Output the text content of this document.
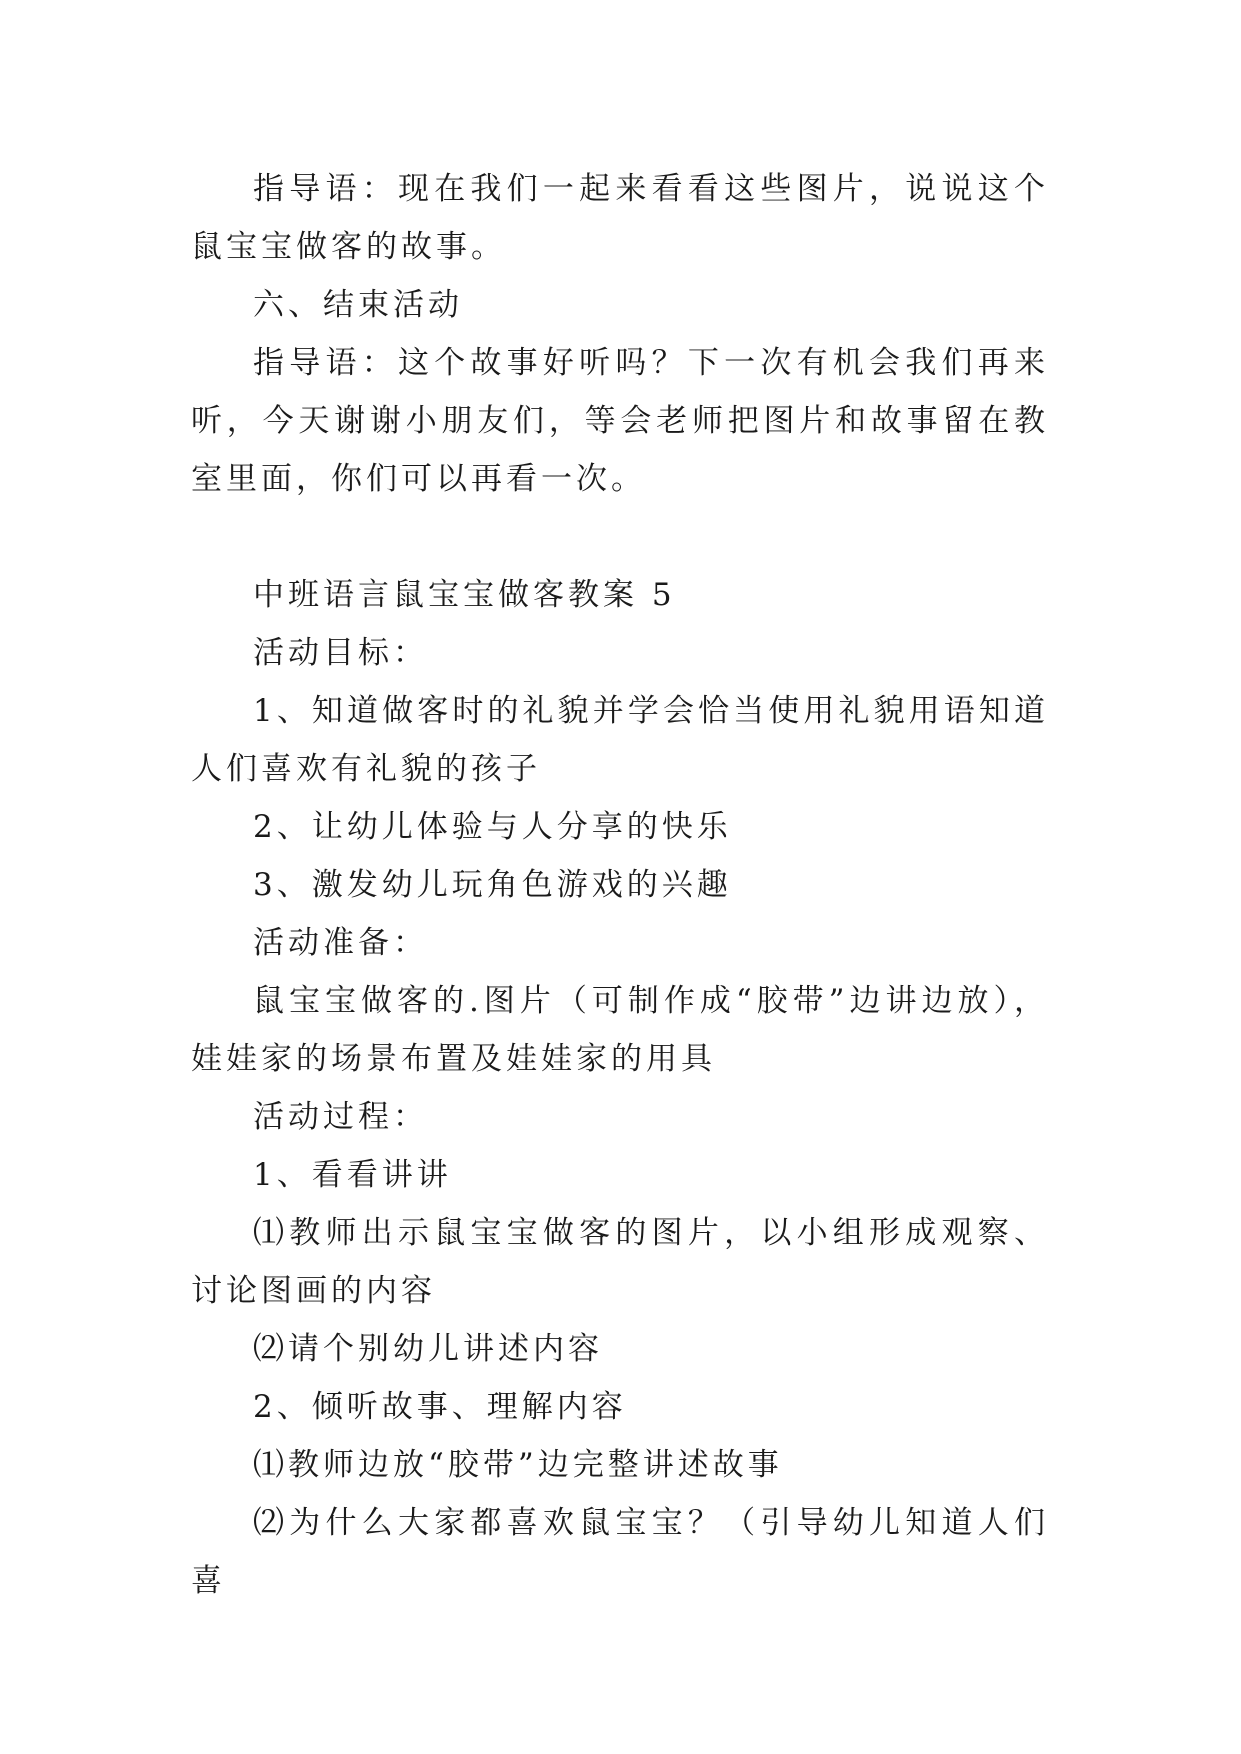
指导语：现在我们一起来看看这些图片，说说这个鼠宝宝做客的故事。

六、结束活动

指导语：这个故事好听吗？下一次有机会我们再来听，今天谢谢小朋友们，等会老师把图片和故事留在教室里面，你们可以再看一次。

中班语言鼠宝宝做客教案 5

活动目标：

1、知道做客时的礼貌并学会恰当使用礼貌用语知道人们喜欢有礼貌的孩子

2、让幼儿体验与人分享的快乐

3、激发幼儿玩角色游戏的兴趣

活动准备：

鼠宝宝做客的.图片（可制作成“胶带”边讲边放），娃娃家的场景布置及娃娃家的用具

活动过程：

1、看看讲讲

⑴教师出示鼠宝宝做客的图片，以小组形成观察、讨论图画的内容

⑵请个别幼儿讲述内容

2、倾听故事、理解内容

⑴教师边放“胶带”边完整讲述故事

⑵为什么大家都喜欢鼠宝宝？（引导幼儿知道人们喜
